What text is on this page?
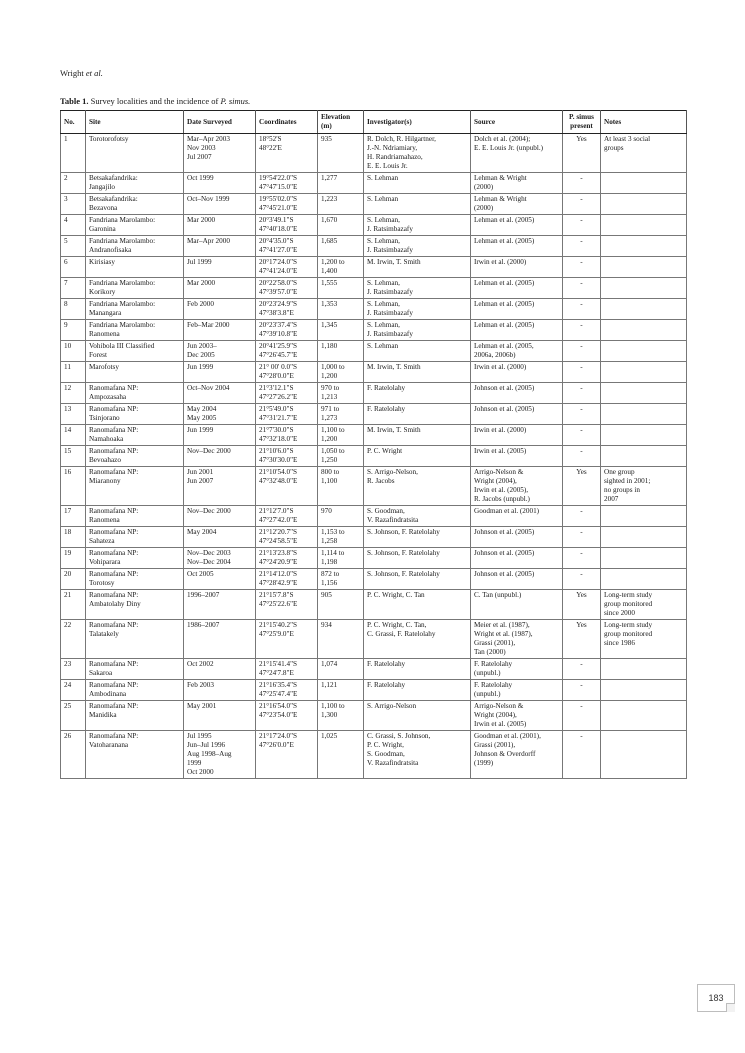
Wright et al.
Table 1. Survey localities and the incidence of P. simus.
No.	Site	Date Surveyed	Coordinates	Elevation (m)	Investigator(s)	Source	P. simus present	Notes
1	Torotorofotsy	Mar–Apr 2003
Nov 2003
Jul 2007	18°52'S
48°22'E	935	R. Dolch, R. Hilgartner,
J.-N. Ndriamiary,
H. Randriamahazo,
E. E. Louis Jr.	Dolch et al. (2004);
E. E. Louis Jr. (unpubl.)	Yes	At least 3 social
groups
2	Betsakafandrika:
Jangajilo	Oct 1999	19°54'22.0"S
47°47'15.0"E	1,277	S. Lehman	Lehman & Wright
(2000)	-	
3	Betsakafandrika:
Bezavona	Oct–Nov 1999	19°55'02.0"S
47°45'21.0"E	1,223	S. Lehman	Lehman & Wright
(2000)	-	
4	Fandriana Marolambo:
Garonina	Mar 2000	20°3'49.1"S
47°40'18.0"E	1,670	S. Lehman,
J. Ratsimbazafy	Lehman et al. (2005)	-	
5	Fandriana Marolambo:
Andranofisaka	Mar–Apr 2000	20°4'35.0"S
47°41'27.0"E	1,685	S. Lehman,
J. Ratsimbazafy	Lehman et al. (2005)	-	
6	Kirisiasy	Jul 1999	20°17'24.0"S
47°41'24.0"E	1,200 to
1,400	M. Irwin, T. Smith	Irwin et al. (2000)	-	
7	Fandriana Marolambo:
Korikory	Mar 2000	20°22'58.0"S
47°39'57.0"E	1,555	S. Lehman,
J. Ratsimbazafy	Lehman et al. (2005)	-	
8	Fandriana Marolambo:
Manangara	Feb 2000	20°23'24.9"S
47°38'3.8"E	1,353	S. Lehman,
J. Ratsimbazafy	Lehman et al. (2005)	-	
9	Fandriana Marolambo:
Ranomena	Feb–Mar 2000	20°23'37.4"S
47°39'10.8"E	1,345	S. Lehman,
J. Ratsimbazafy	Lehman et al. (2005)	-	
10	Vohibola III Classified
Forest	Jun 2003–
Dec 2005	20°41'25.9"S
47°26'45.7"E	1,180	S. Lehman	Lehman et al. (2005,
2006a, 2006b)	-	
11	Marofotsy	Jun 1999	21° 00' 0.0"S
47°28'0.0"E	1,000 to
1,200	M. Irwin, T. Smith	Irwin et al. (2000)	-	
12	Ranomafana NP:
Ampozasaha	Oct–Nov 2004	21°3'12.1"S
47°27'26.2"E	970 to
1,213	F. Ratelolahy	Johnson et al. (2005)	-	
13	Ranomafana NP:
Tsinjorano	May 2004
May 2005	21°5'49.0"S
47°31'21.7"E	971 to
1,273	F. Ratelolahy	Johnson et al. (2005)	-	
14	Ranomafana NP:
Namahoaka	Jun 1999	21°7'30.0"S
47°32'18.0"E	1,100 to
1,200	M. Irwin, T. Smith	Irwin et al. (2000)	-	
15	Ranomafana NP:
Bevoahazo	Nov–Dec 2000	21°10'6.0"S
47°30'30.0"E	1,050 to
1,250	P. C. Wright	Irwin et al. (2005)	-	
16	Ranomafana NP:
Miaranony	Jun 2001
Jun 2007	21°10'54.0"S
47°32'48.0"E	800 to
1,100	S. Arrigo-Nelson,
R. Jacobs	Arrigo-Nelson &
Wright (2004),
Irwin et al. (2005),
R. Jacobs (unpubl.)	Yes	One group
sighted in 2001;
no groups in
2007
17	Ranomafana NP:
Ranomena	Nov–Dec 2000	21°12'7.0"S
47°27'42.0"E	970	S. Goodman,
V. Razafindratsita	Goodman et al. (2001)	-	
18	Ranomafana NP:
Sahateza	May 2004	21°12'20.7"S
47°24'58.5"E	1,153 to
1,258	S. Johnson, F. Ratelolahy	Johnson et al. (2005)	-	
19	Ranomafana NP:
Vohiparara	Nov–Dec 2003
Nov–Dec 2004	21°13'23.8"S
47°24'20.9"E	1,114 to
1,198	S. Johnson, F. Ratelolahy	Johnson et al. (2005)	-	
20	Ranomafana NP:
Torotosy	Oct 2005	21°14'12.0"S
47°28'42.9"E	872 to
1,156	S. Johnson, F. Ratelolahy	Johnson et al. (2005)	-	
21	Ranomafana NP:
Ambatolahy Diny	1996–2007	21°15'7.8"S
47°25'22.6"E	905	P. C. Wright, C. Tan	C. Tan (unpubl.)	Yes	Long-term study
group monitored
since 2000
22	Ranomafana NP:
Talatakely	1986–2007	21°15'40.2"S
47°25'9.0"E	934	P. C. Wright, C. Tan,
C. Grassi, F. Ratelolahy	Meier et al. (1987),
Wright et al. (1987),
Grassi (2001),
Tan (2000)	Yes	Long-term study
group monitored
since 1986
23	Ranomafana NP:
Sakaroa	Oct 2002	21°15'41.4"S
47°24'7.8"E	1,074	F. Ratelolahy	F. Ratelolahy
(unpubl.)	-	
24	Ranomafana NP:
Ambodinana	Feb 2003	21°16'35.4"S
47°25'47.4"E	1,121	F. Ratelolahy	F. Ratelolahy
(unpubl.)	-	
25	Ranomafana NP:
Manidika	May 2001	21°16'54.0"S
47°23'54.0"E	1,100 to
1,300	S. Arrigo-Nelson	Arrigo-Nelson &
Wright (2004),
Irwin et al. (2005)	-	
26	Ranomafana NP:
Vatoharanana	Jul 1995
Jun–Jul 1996
Aug 1998–Aug
1999
Oct 2000	21°17'24.0"S
47°26'0.0"E	1,025	C. Grassi, S. Johnson,
P. C. Wright,
S. Goodman,
V. Razafindratsita	Goodman et al. (2001),
Grassi (2001),
Johnson & Overdorff
(1999)	-	
183
